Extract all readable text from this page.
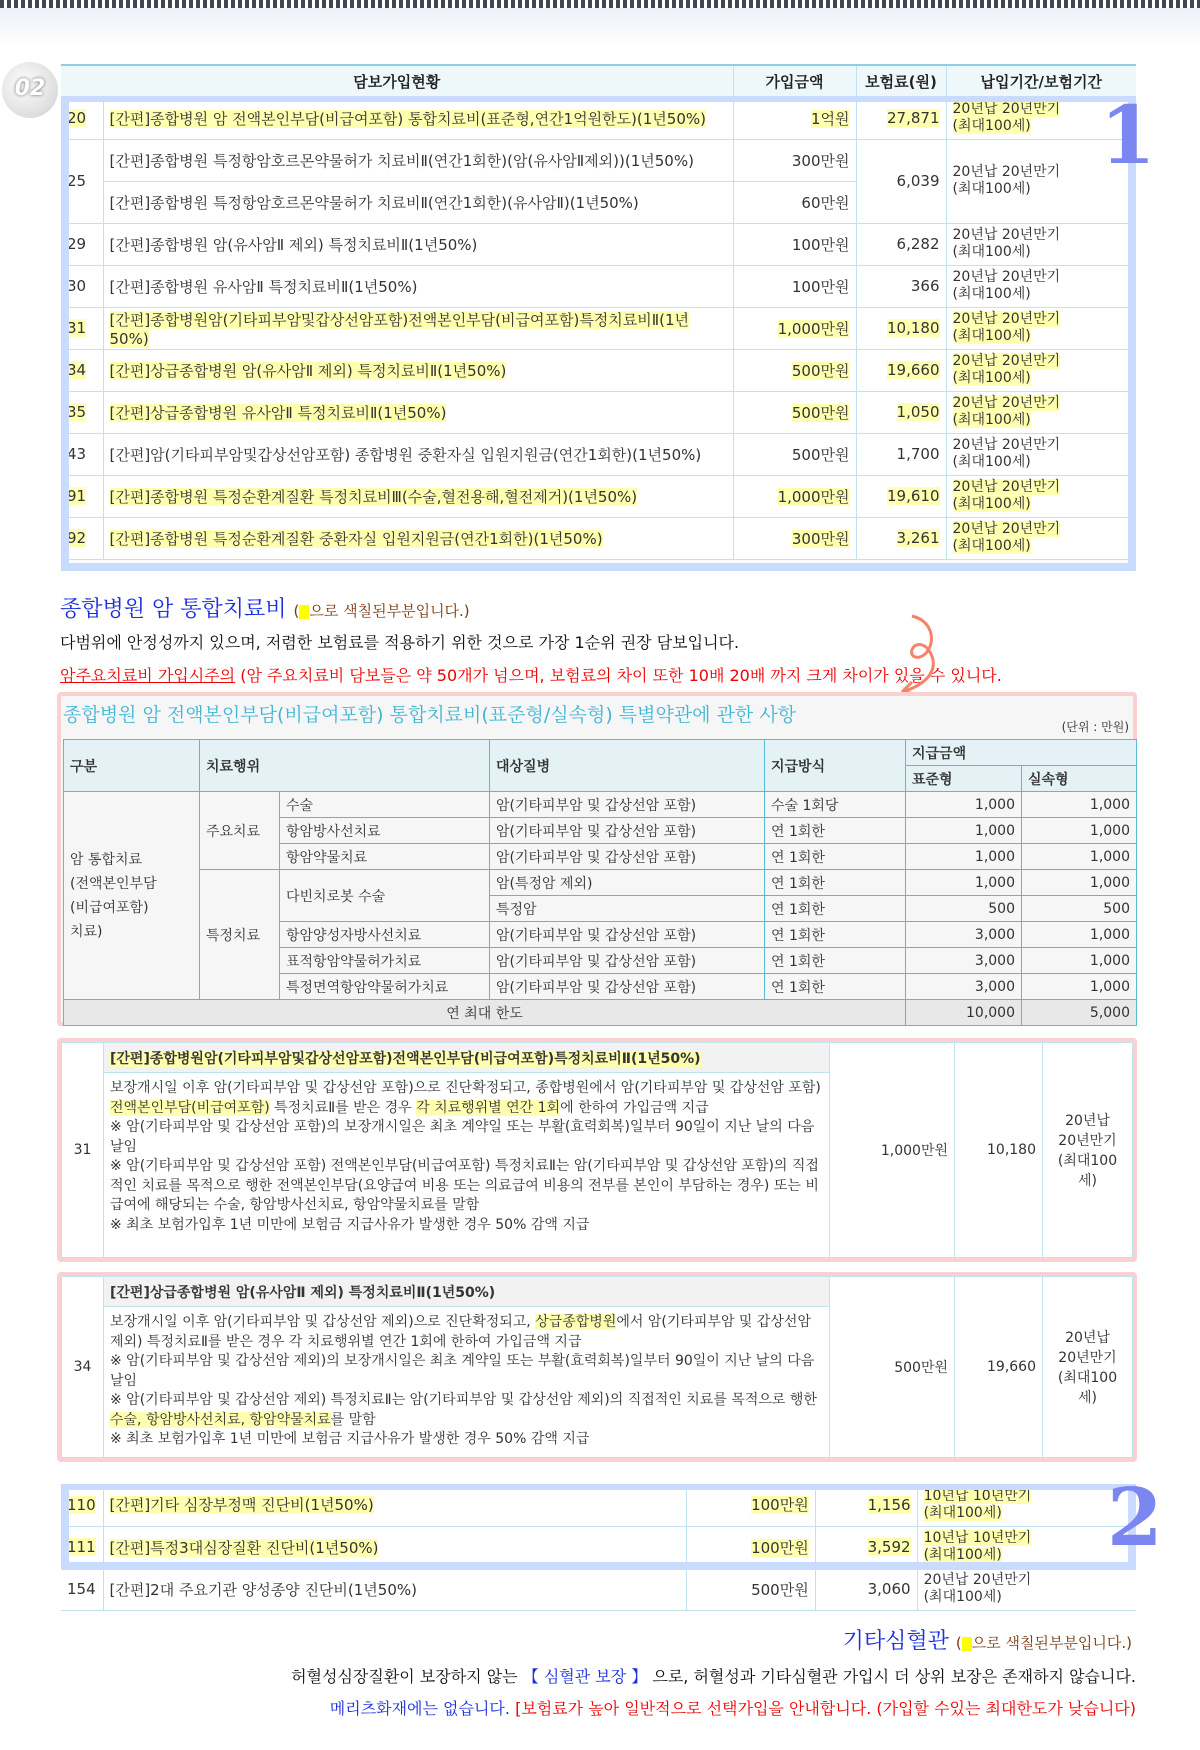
02	담보가입현황		가입금액	보험료(원)	납입기간/보험기간
20	[간편]종합병원 암 전액본인부담(비급여포함) 통합치료비(표준형,연간1억원한도)(1년50%)	1억원	27,871	20년납 20년만기
(최대100세)
25	[간편]종합병원 특정항암호르몬약물허가 치료비Ⅱ(연간1회한)(암(유사암Ⅱ제외))(1년50%)	300만원	6,039	20년납 20년만기
(최대100세)
	[간편]종합병원 특정항암호르몬약물허가 치료비Ⅱ(연간1회한)(유사암Ⅱ)(1년50%)	60만원		
29	[간편]종합병원 암(유사암Ⅱ 제외) 특정치료비Ⅱ(1년50%)	100만원	6,282	20년납 20년만기
(최대100세)
30	[간편]종합병원 유사암Ⅱ 특정치료비Ⅱ(1년50%)	100만원	366	20년납 20년만기
(최대100세)
31	[간편]종합병원암(기타피부암및갑상선암포함)전액본인부담(비급여포함)특정치료비Ⅱ(1년50%)	1,000만원	10,180	20년납 20년만기
(최대100세)
34	[간편]상급종합병원 암(유사암Ⅱ 제외) 특정치료비Ⅱ(1년50%)	500만원	19,660	20년납 20년만기
(최대100세)
35	[간편]상급종합병원 유사암Ⅱ 특정치료비Ⅱ(1년50%)	500만원	1,050	20년납 20년만기
(최대100세)
43	[간편]암(기타피부암및갑상선암포함) 종합병원 중환자실 입원지원금(연간1회한)(1년50%)	500만원	1,700	20년납 20년만기
(최대100세)
91	[간편]종합병원 특정순환계질환 특정치료비Ⅲ(수술,혈전용해,혈전제거)(1년50%)	1,000만원	19,610	20년납 20년만기
(최대100세)
92	[간편]종합병원 특정순환계질환 중환자실 입원지원금(연간1회한)(1년50%)	300만원	3,261	20년납 20년만기
(최대100세)
1
종합병원 암 통합치료비 ( 으로 색칠된부분입니다.)
다범위에 안정성까지 있으며, 저렴한 보험료를 적용하기 위한 것으로 가장 1순위 권장 담보입니다.
암주요치료비 가입시주의 (암 주요치료비 담보들은 약 50개가 넘으며, 보험료의 차이 또한 10배 20배 까지 크게 차이가 있을 수 있니다.
종합병원 암 전액본인부담(비급여포함) 통합치료비(표준형/실속형) 특별약관에 관한 사항
(단위 : 만원)
구분	치료행위		대상질병	지급방식	지급금액	
					표준형	실속형
암 통합치료
(전액본인부담
(비급여포함)
치료)	주요치료	수술	암(기타피부암 및 갑상선암 포함)	수술 1회당	1,000	1,000
		항암방사선치료	암(기타피부암 및 갑상선암 포함)	연 1회한	1,000	1,000
		항암약물치료	암(기타피부암 및 갑상선암 포함)	연 1회한	1,000	1,000
	특정치료	다빈치로봇 수술	암(특정암 제외)	연 1회한	1,000	1,000
			특정암	연 1회한	500	500
		항암양성자방사선치료	암(기타피부암 및 갑상선암 포함)	연 1회한	3,000	1,000
		표적항암약물허가치료	암(기타피부암 및 갑상선암 포함)	연 1회한	3,000	1,000
		특정면역항암약물허가치료	암(기타피부암 및 갑상선암 포함)	연 1회한	3,000	1,000
연 최대 한도					10,000	5,000
31	[간편]종합병원암(기타피부암및갑상선암포함)전액본인부담(비급여포함)특정치료비Ⅱ(1년50%)	1,000만원	10,180	
20년납
20년만기
(최대100세)

보장개시일 이후 암(기타피부암 및 갑상선암 포함)으로 진단확정되고, 종합병원에서 암(기타피부암 및 갑상선암 포함) 전액본인부담(비급여포함) 특정치료Ⅱ를 받은 경우 각 치료행위별 연간 1회에 한하여 가입금액 지급
※ 암(기타피부암 및 갑상선암 포함)의 보장개시일은 최초 계약일 또는 부활(효력회복)일부터 90일이 지난 날의 다음날임
※ 암(기타피부암 및 갑상선암 포함) 전액본인부담(비급여포함) 특정치료Ⅱ는 암(기타피부암 및 갑상선암 포함)의 직접적인 치료를 목적으로 행한 전액본인부담(요양급여 비용 또는 의료급여 비용의 전부를 본인이 부담하는 경우) 또는 비급여에 해당되는 수술, 항암방사선치료, 항암약물치료를 말함
※ 최초 보험가입후 1년 미만에 보험금 지급사유가 발생한 경우 50% 감액 지급
34	[간편]상급종합병원 암(유사암Ⅱ 제외) 특정치료비Ⅱ(1년50%)	500만원	19,660	
20년납
20년만기
(최대100세)

보장개시일 이후 암(기타피부암 및 갑상선암 제외)으로 진단확정되고, 상급종합병원에서 암(기타피부암 및 갑상선암 제외) 특정치료Ⅱ를 받은 경우 각 치료행위별 연간 1회에 한하여 가입금액 지급
※ 암(기타피부암 및 갑상선암 제외)의 보장개시일은 최초 계약일 또는 부활(효력회복)일부터 90일이 지난 날의 다음날임
※ 암(기타피부암 및 갑상선암 제외) 특정치료Ⅱ는 암(기타피부암 및 갑상선암 제외)의 직접적인 치료를 목적으로 행한 수술, 항암방사선치료, 항암약물치료를 말함
※ 최초 보험가입후 1년 미만에 보험금 지급사유가 발생한 경우 50% 감액 지급
110	[간편]기타 심장부정맥 진단비(1년50%)	100만원	1,156	10년납 10년만기
(최대100세)
111	[간편]특정3대심장질환 진단비(1년50%)	100만원	3,592	10년납 10년만기
(최대100세)
154	[간편]2대 주요기관 양성종양 진단비(1년50%)	500만원	3,060	20년납 20년만기
(최대100세)
2
기타심혈관 ( 으로 색칠된부분입니다.)
허혈성심장질환이 보장하지 않는 【 심혈관 보장 】 으로, 허혈성과 기타심혈관 가입시 더 상위 보장은 존재하지 않습니다.
메리츠화재에는 없습니다. [보험료가 높아 일반적으로 선택가입을 안내합니다. (가입할 수있는 최대한도가 낮습니다)
